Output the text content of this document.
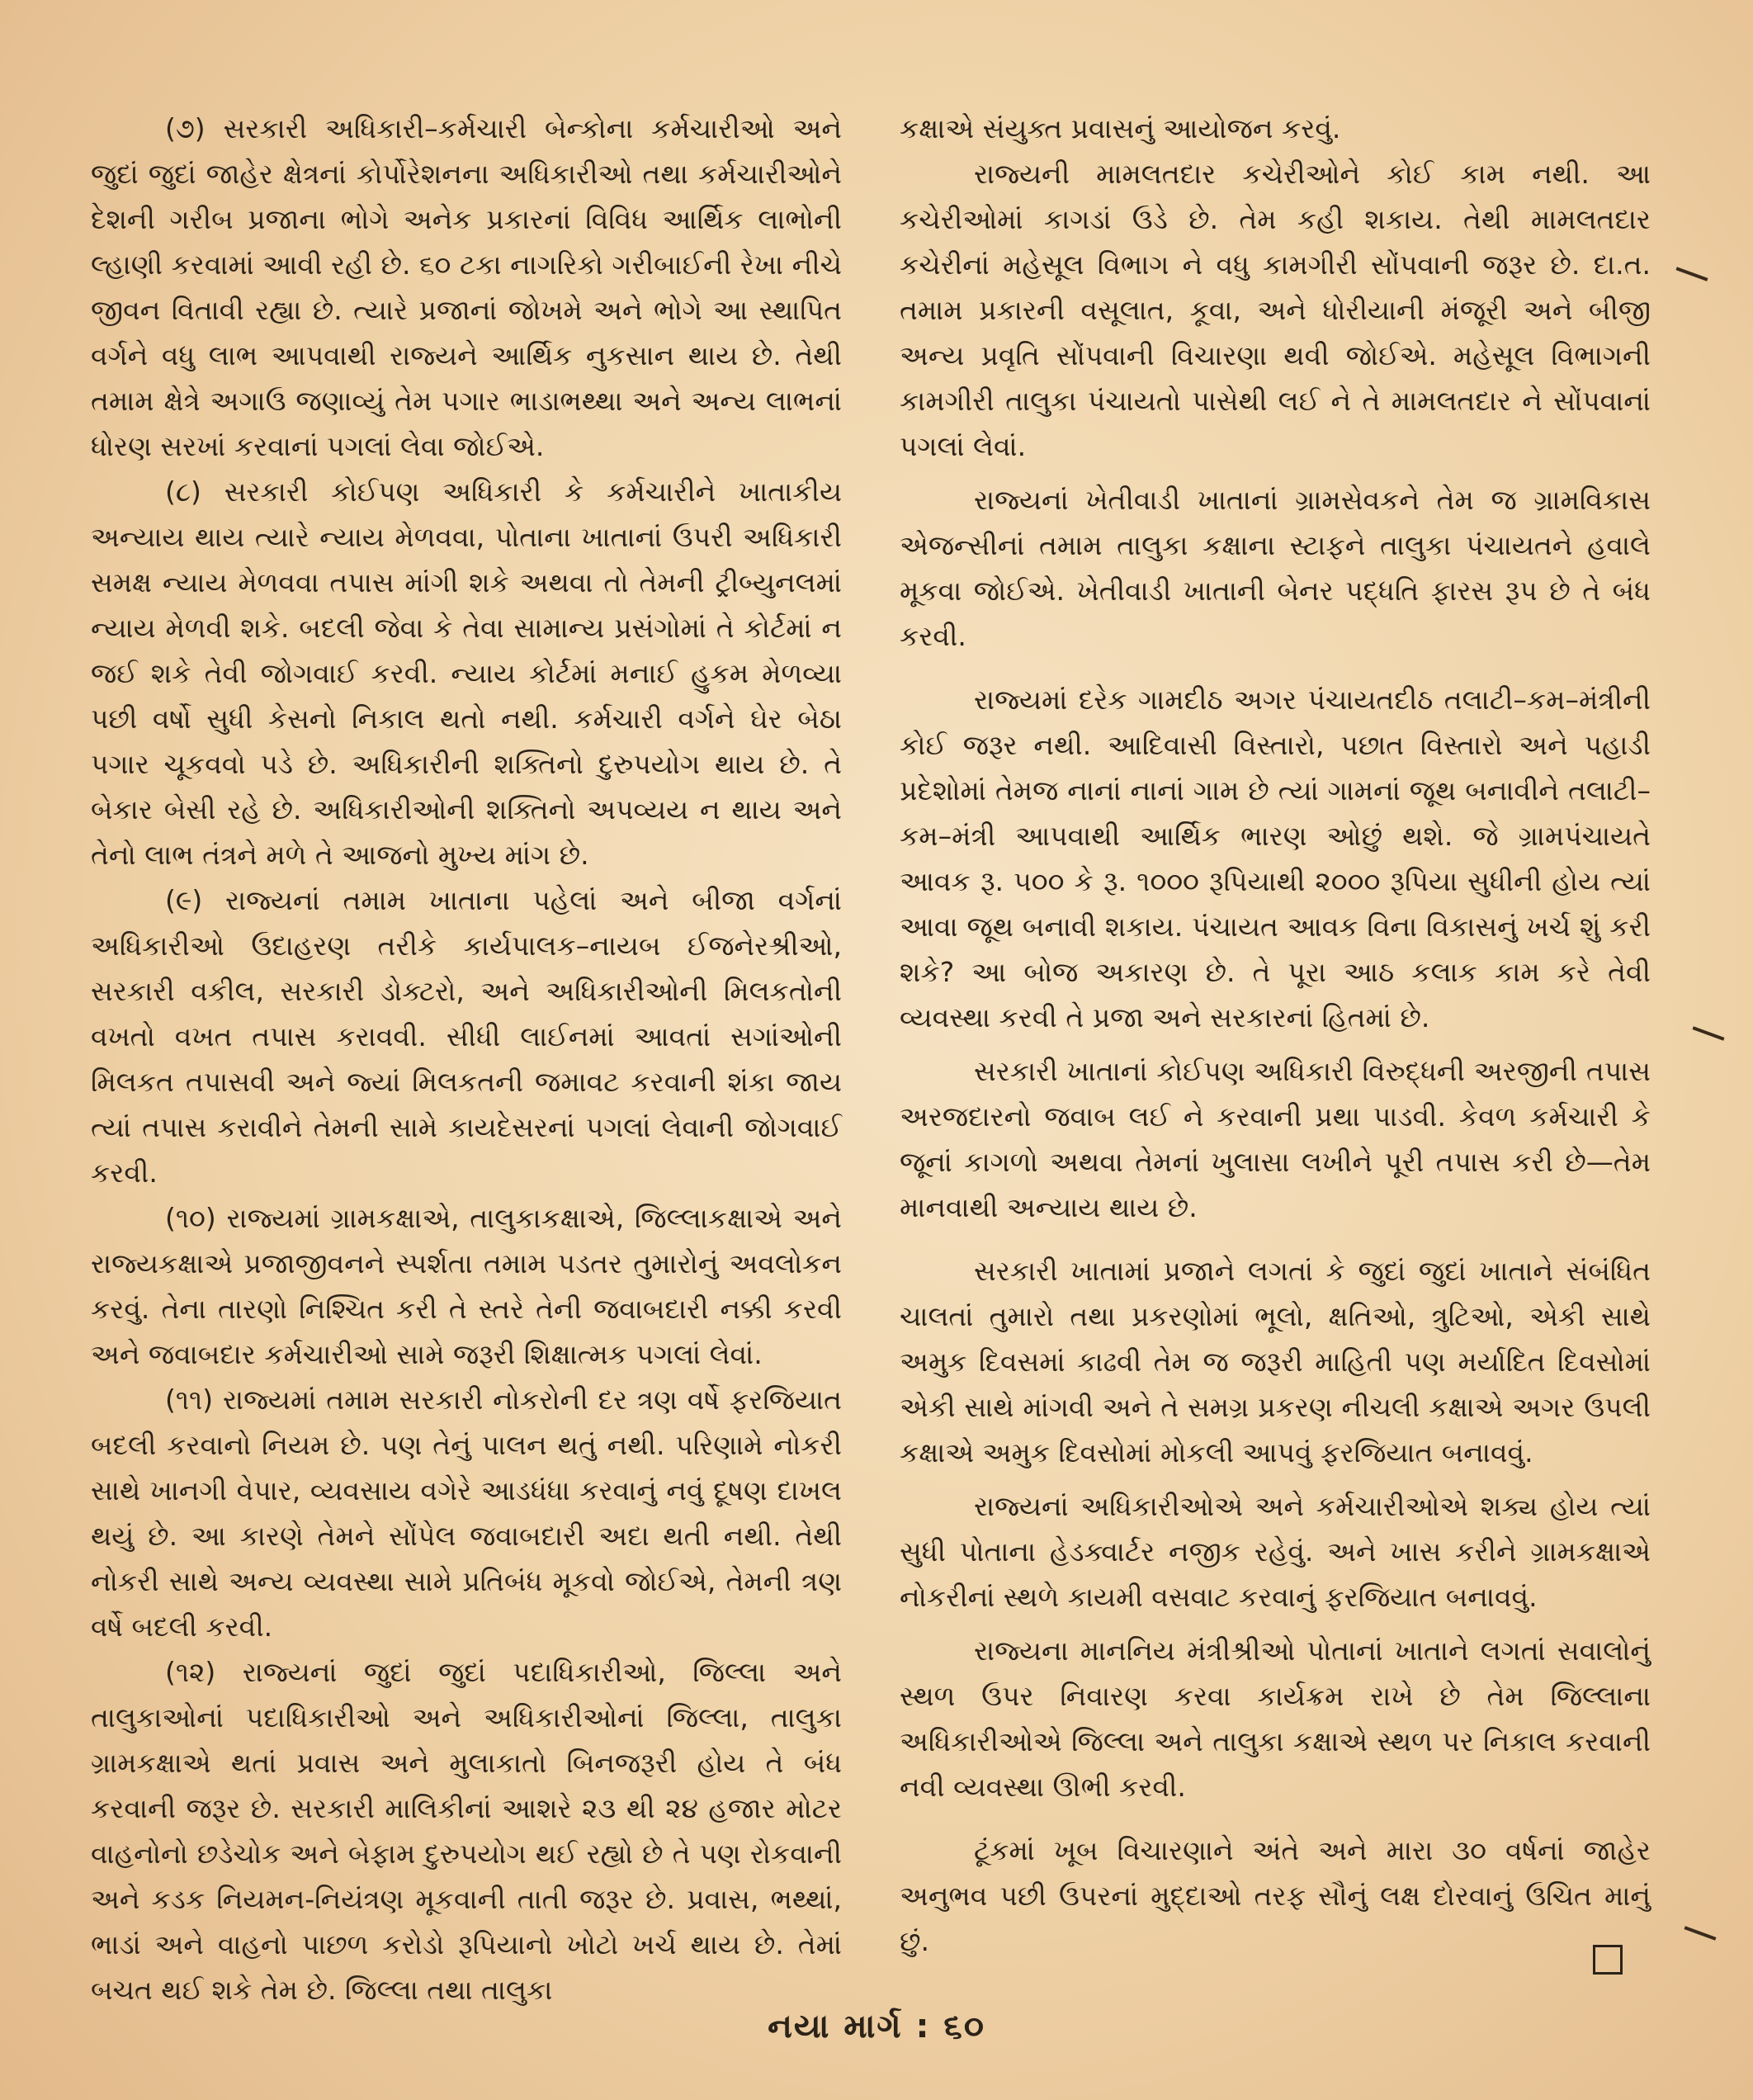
(૭) સરકારી અધિકારી–કર્મચારી બેન્કોના કર્મચારીઓ અને જુદાં જુદાં જાહેર ક્ષેત્રનાં કોર્પોરેશનના અધિકારીઓ તથા કર્મચારીઓને દેશની ગરીબ પ્રજાના ભોગે અનેક પ્રકારનાં વિવિધ આર્થિક લાભોની લ્હાણી કરવામાં આવી રહી છે. ૬૦ ટકા નાગરિકો ગરીબાઈની રેખા નીચે જીવન વિતાવી રહ્યા છે. ત્યારે પ્રજાનાં જોખમે અને ભોગે આ સ્થાપિત વર્ગને વધુ લાભ આપવાથી રાજ્યને આર્થિક નુકસાન થાય છે. તેથી તમામ ક્ષેત્રે અગાઉ જણાવ્યું તેમ પગાર ભાડાભથ્થા અને અન્ય લાભનાં ધોરણ સરખાં કરવાનાં પગલાં લેવા જોઈએ.

(૮) સરકારી કોઈપણ અધિકારી કે કર્મચારીને ખાતાકીય અન્યાય થાય ત્યારે ન્યાય મેળવવા, પોતાના ખાતાનાં ઉપરી અધિકારી સમક્ષ ન્યાય મેળવવા તપાસ માંગી શકે અથવા તો તેમની ટ્રીબ્યુનલમાં ન્યાય મેળવી શકે. બદલી જેવા કે તેવા સામાન્ય પ્રસંગોમાં તે કોર્ટમાં ન જઈ શકે તેવી જોગવાઈ કરવી. ન્યાય કોર્ટમાં મનાઈ હુકમ મેળવ્યા પછી વર્ષો સુધી કેસનો નિકાલ થતો નથી. કર્મચારી વર્ગને ઘેર બેઠા પગાર ચૂકવવો પડે છે. અધિકારીની શક્તિનો દુરુપયોગ થાય છે. તે બેકાર બેસી રહે છે. અધિકારીઓની શક્તિનો અપવ્યય ન થાય અને તેનો લાભ તંત્રને મળે તે આજનો મુખ્ય માંગ છે.

(૯) રાજ્યનાં તમામ ખાતાના પહેલાં અને બીજા વર્ગનાં અધિકારીઓ ઉદાહરણ તરીકે કાર્યપાલક–નાયબ ઈજનેરશ્રીઓ, સરકારી વકીલ, સરકારી ડોક્ટરો, અને અધિકારીઓની મિલકતોની વખતો વખત તપાસ કરાવવી. સીધી લાઈનમાં આવતાં સગાંઓની મિલકત તપાસવી અને જ્યાં મિલકતની જમાવટ કરવાની શંકા જાય ત્યાં તપાસ કરાવીને તેમની સામે કાયદેસરનાં પગલાં લેવાની જોગવાઈ કરવી.

(૧૦) રાજ્યમાં ગ્રામકક્ષાએ, તાલુકાકક્ષાએ, જિલ્લાકક્ષાએ અને રાજ્યકક્ષાએ પ્રજાજીવનને સ્પર્શતા તમામ પડતર તુમારોનું અવલોકન કરવું. તેના તારણો નિશ્ચિત કરી તે સ્તરે તેની જવાબદારી નક્કી કરવી અને જવાબદાર કર્મચારીઓ સામે જરૂરી શિક્ષાત્મક પગલાં લેવાં.

(૧૧) રાજ્યમાં તમામ સરકારી નોકરોની દર ત્રણ વર્ષે ફરજિયાત બદલી કરવાનો નિયમ છે. પણ તેનું પાલન થતું નથી. પરિણામે નોકરી સાથે ખાનગી વેપાર, વ્યવસાય વગેરે આડધંધા કરવાનું નવું દૂષણ દાખલ થયું છે. આ કારણે તેમને સોંપેલ જવાબદારી અદા થતી નથી. તેથી નોકરી સાથે અન્ય વ્યવસ્થા સામે પ્રતિબંધ મૂકવો જોઈએ, તેમની ત્રણ વર્ષે બદલી કરવી.

(૧૨) રાજ્યનાં જુદાં જુદાં પદાધિકારીઓ, જિલ્લા અને તાલુકાઓનાં પદાધિકારીઓ અને અધિકારીઓનાં જિલ્લા, તાલુકા ગ્રામકક્ષાએ થતાં પ્રવાસ અને મુલાકાતો બિનજરૂરી હોય તે બંધ કરવાની જરૂર છે. સરકારી માલિકીનાં આશરે ૨૩ થી ૨૪ હજાર મોટર વાહનોનો છડેચોક અને બેફામ દુરુપયોગ થઈ રહ્યો છે તે પણ રોકવાની અને કડક નિયમન-નિયંત્રણ મૂકવાની તાતી જરૂર છે. પ્રવાસ, ભથ્થાં, ભાડાં અને વાહનો પાછળ કરોડો રૂપિયાનો ખોટો ખર્ચ થાય છે. તેમાં બચત થઈ શકે તેમ છે. જિલ્લા તથા તાલુકા

કક્ષાએ સંયુક્ત પ્રવાસનું આયોજન કરવું.

રાજ્યની મામલતદાર કચેરીઓને કોઈ કામ નથી. આ કચેરીઓમાં કાગડાં ઉડે છે. તેમ કહી શકાય. તેથી મામલતદાર કચેરીનાં મહેસૂલ વિભાગ ને વધુ કામગીરી સોંપવાની જરૂર છે. દા.ત. તમામ પ્રકારની વસૂલાત, કૂવા, અને ધોરીયાની મંજૂરી અને બીજી અન્ય પ્રવૃતિ સોંપવાની વિચારણા થવી જોઈએ. મહેસૂલ વિભાગની કામગીરી તાલુકા પંચાયતો પાસેથી લઈ ને તે મામલતદાર ને સોંપવાનાં પગલાં લેવાં.

રાજ્યનાં ખેતીવાડી ખાતાનાં ગ્રામસેવકને તેમ જ ગ્રામવિકાસ એજન્સીનાં તમામ તાલુકા કક્ષાના સ્ટાફને તાલુકા પંચાયતને હવાલે મૂકવા જોઈએ. ખેતીવાડી ખાતાની બેનર પદ્ધતિ ફારસ રૂપ છે તે બંધ કરવી.

રાજ્યમાં દરેક ગામદીઠ અગર પંચાયતદીઠ તલાટી–કમ–મંત્રીની કોઈ જરૂર નથી. આદિવાસી વિસ્તારો, પછાત વિસ્તારો અને પહાડી પ્રદેશોમાં તેમજ નાનાં નાનાં ગામ છે ત્યાં ગામનાં જૂથ બનાવીને તલાટી–કમ–મંત્રી આપવાથી આર્થિક ભારણ ઓછું થશે. જે ગ્રામપંચાયતે આવક રૂ. ૫૦૦ કે રૂ. ૧૦૦૦ રૂપિયાથી ૨૦૦૦ રૂપિયા સુધીની હોય ત્યાં આવા જૂથ બનાવી શકાય. પંચાયત આવક વિના વિકાસનું ખર્ચ શું કરી શકે? આ બોજ અકારણ છે. તે પૂરા આઠ કલાક કામ કરે તેવી વ્યવસ્થા કરવી તે પ્રજા અને સરકારનાં હિતમાં છે.

સરકારી ખાતાનાં કોઈપણ અધિકારી વિરુદ્ધની અરજીની તપાસ અરજદારનો જવાબ લઈ ને કરવાની પ્રથા પાડવી. કેવળ કર્મચારી કે જૂનાં કાગળો અથવા તેમનાં ખુલાસા લખીને પૂરી તપાસ કરી છે—તેમ માનવાથી અન્યાય થાય છે.

સરકારી ખાતામાં પ્રજાને લગતાં કે જુદાં જુદાં ખાતાને સંબંધિત ચાલતાં તુમારો તથા પ્રકરણોમાં ભૂલો, ક્ષતિઓ, ત્રુટિઓ, એકી સાથે અમુક દિવસમાં કાઢવી તેમ જ જરૂરી માહિતી પણ મર્યાદિત દિવસોમાં એકી સાથે માંગવી અને તે સમગ્ર પ્રકરણ નીચલી કક્ષાએ અગર ઉપલી કક્ષાએ અમુક દિવસોમાં મોકલી આપવું ફરજિયાત બનાવવું.

રાજ્યનાં અધિકારીઓએ અને કર્મચારીઓએ શક્ય હોય ત્યાં સુધી પોતાના હેડક્વાર્ટર નજીક રહેવું. અને ખાસ કરીને ગ્રામકક્ષાએ નોકરીનાં સ્થળે કાયમી વસવાટ કરવાનું ફરજિયાત બનાવવું.

રાજ્યના માનનિય મંત્રીશ્રીઓ પોતાનાં ખાતાને લગતાં સવાલોનું સ્થળ ઉપર નિવારણ કરવા કાર્યક્રમ રાખે છે તેમ જિલ્લાના અધિકારીઓએ જિલ્લા અને તાલુકા કક્ષાએ સ્થળ પર નિકાલ કરવાની નવી વ્યવસ્થા ઊભી કરવી.

ટૂંકમાં ખૂબ વિચારણાને અંતે અને મારા ૩૦ વર્ષનાં જાહેર અનુભવ પછી ઉપરનાં મુદ્દાઓ તરફ સૌનું લક્ષ દોરવાનું ઉચિત માનું છું.

નયા માર્ગ : ૬૦
